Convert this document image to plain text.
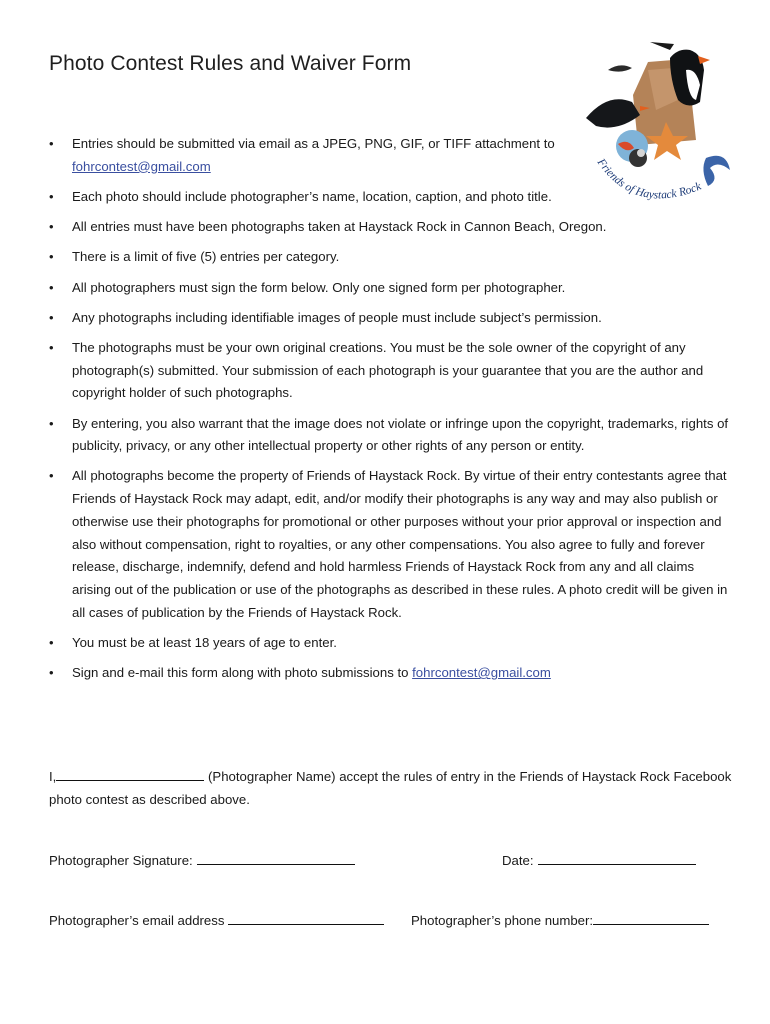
Photo Contest Rules and Waiver Form
Friends of Haystack Rock
• Entries should be submitted via email as a JPEG, PNG, GIF, or TIFF attachment to
fohrcontest@gmail.com
• Each photo should include photographer’s name, location, caption, and photo title.
• All entries must have been photographs taken at Haystack Rock in Cannon Beach, Oregon.
• There is a limit of five (5) entries per category.
• All photographers must sign the form below. Only one signed form per photographer.
• Any photographs including identifiable images of people must include subject’s permission.
• The photographs must be your own original creations. You must be the sole owner of the copyright of any photograph(s) submitted. Your submission of each photograph is your guarantee that you are the author and copyright holder of such photographs.
• By entering, you also warrant that the image does not violate or infringe upon the copyright, trademarks, rights of publicity, privacy, or any other intellectual property or other rights of any person or entity.
• All photographs become the property of Friends of Haystack Rock. By virtue of their entry contestants agree that Friends of Haystack Rock may adapt, edit, and/or modify their photographs is any way and may also publish or otherwise use their photographs for promotional or other purposes without your prior approval or inspection and also without compensation, right to royalties, or any other compensations. You also agree to fully and forever release, discharge, indemnify, defend and hold harmless Friends of Haystack Rock from any and all claims arising out of the publication or use of the photographs as described in these rules. A photo credit will be given in all cases of publication by the Friends of Haystack Rock.
• You must be at least 18 years of age to enter.
• Sign and e-mail this form along with photo submissions to fohrcontest@gmail.com
I,	(Photographer Name) accept the rules of entry in the Friends of Haystack Rock Facebook photo contest as described above.
Photographer Signature:	Date:
Photographer’s email address	Photographer’s phone number:
